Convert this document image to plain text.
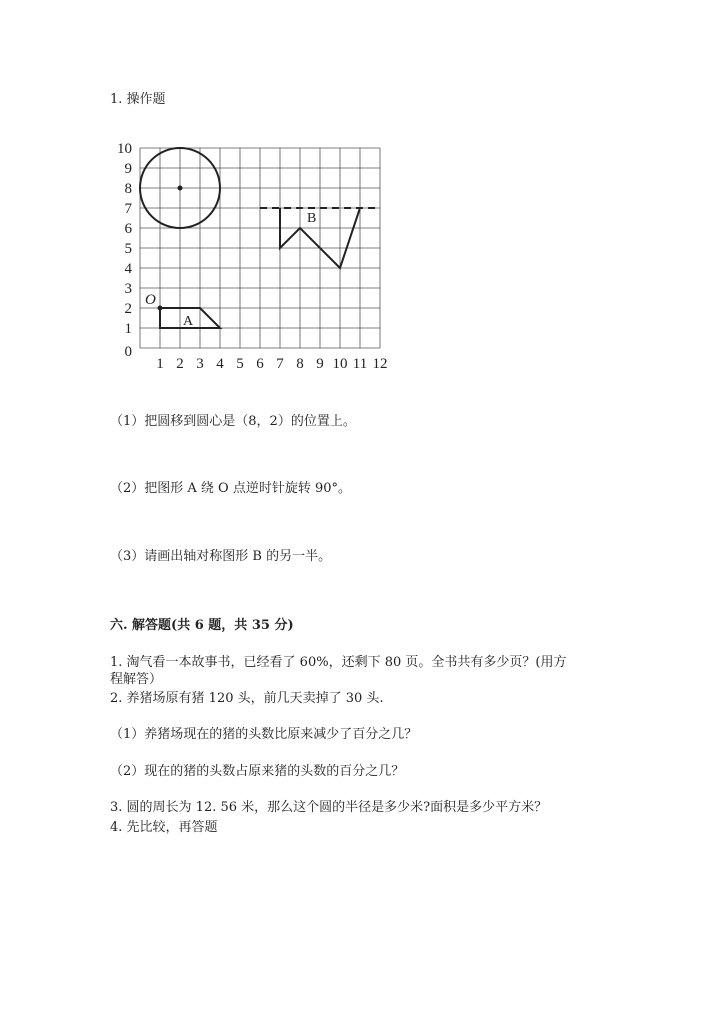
1. 操作题
1 2 3 4 5 6 7 8 9 10 11 12
0
1
2
3
4
5
6
7
8
9
10
O
A
B
（1）把圆移到圆心是（8，2）的位置上。
（2）把图形 A 绕 O 点逆时针旋转 90°。
（3）请画出轴对称图形 B 的另一半。
六. 解答题(共 6 题，共 35 分)
1. 淘气看一本故事书，已经看了 60%，还剩下 80 页。全书共有多少页？(用方
程解答）
2. 养猪场原有猪 120 头，前几天卖掉了 30 头.
（1）养猪场现在的猪的头数比原来减少了百分之几？
（2）现在的猪的头数占原来猪的头数的百分之几？
3. 圆的周长为 12. 56 米，那么这个圆的半径是多少米?面积是多少平方米？
4. 先比较，再答题
